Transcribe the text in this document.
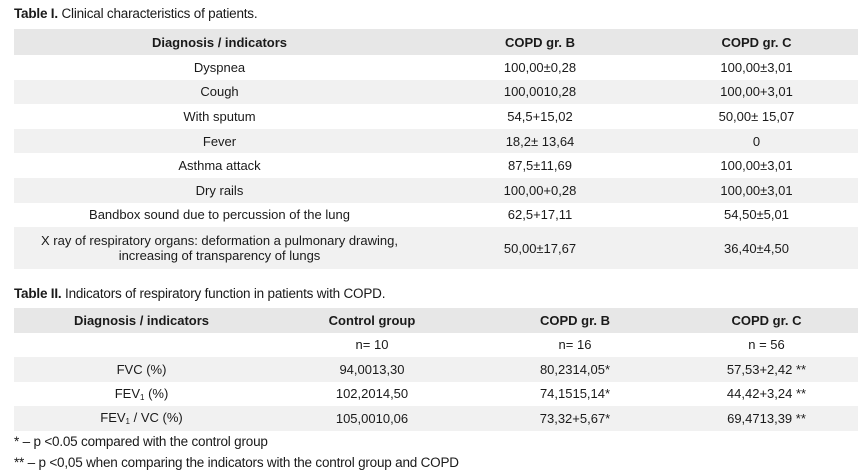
Table I. Clinical characteristics of patients.
Diagnosis / indicators	COPD gr. B	COPD gr. C
Dyspnea	100,00±0,28	100,00±3,01
Cough	100,0010,28	100,00+3,01
With sputum	54,5+15,02	50,00± 15,07
Fever	18,2± 13,64	0
Asthma attack	87,5±11,69	100,00±3,01
Dry rails	100,00+0,28	100,00±3,01
Bandbox sound due to percussion of the lung	62,5+17,11	54,50±5,01

X ray of respiratory organs: deformation a pulmonary drawing,
increasing of transparency of lungs	50,00±17,67	36,40±4,50
Table II. Indicators of respiratory function in patients with COPD.
Diagnosis / indicators	Control group	COPD gr. B	COPD gr. C
	n= 10	n= 16	n = 56
FVC (%)	94,0013,30	80,2314,05*	57,53+2,42 **
$FEV_1$ (%)	102,2014,50	74,1515,14*	44,42+3,24 **
$FEV_1$ / VC (%)	105,0010,06	73,32+5,67*	69,4713,39 **
* – p <0.05 compared with the control group
** – p <0,05 when comparing the indicators with the control group and COPD
